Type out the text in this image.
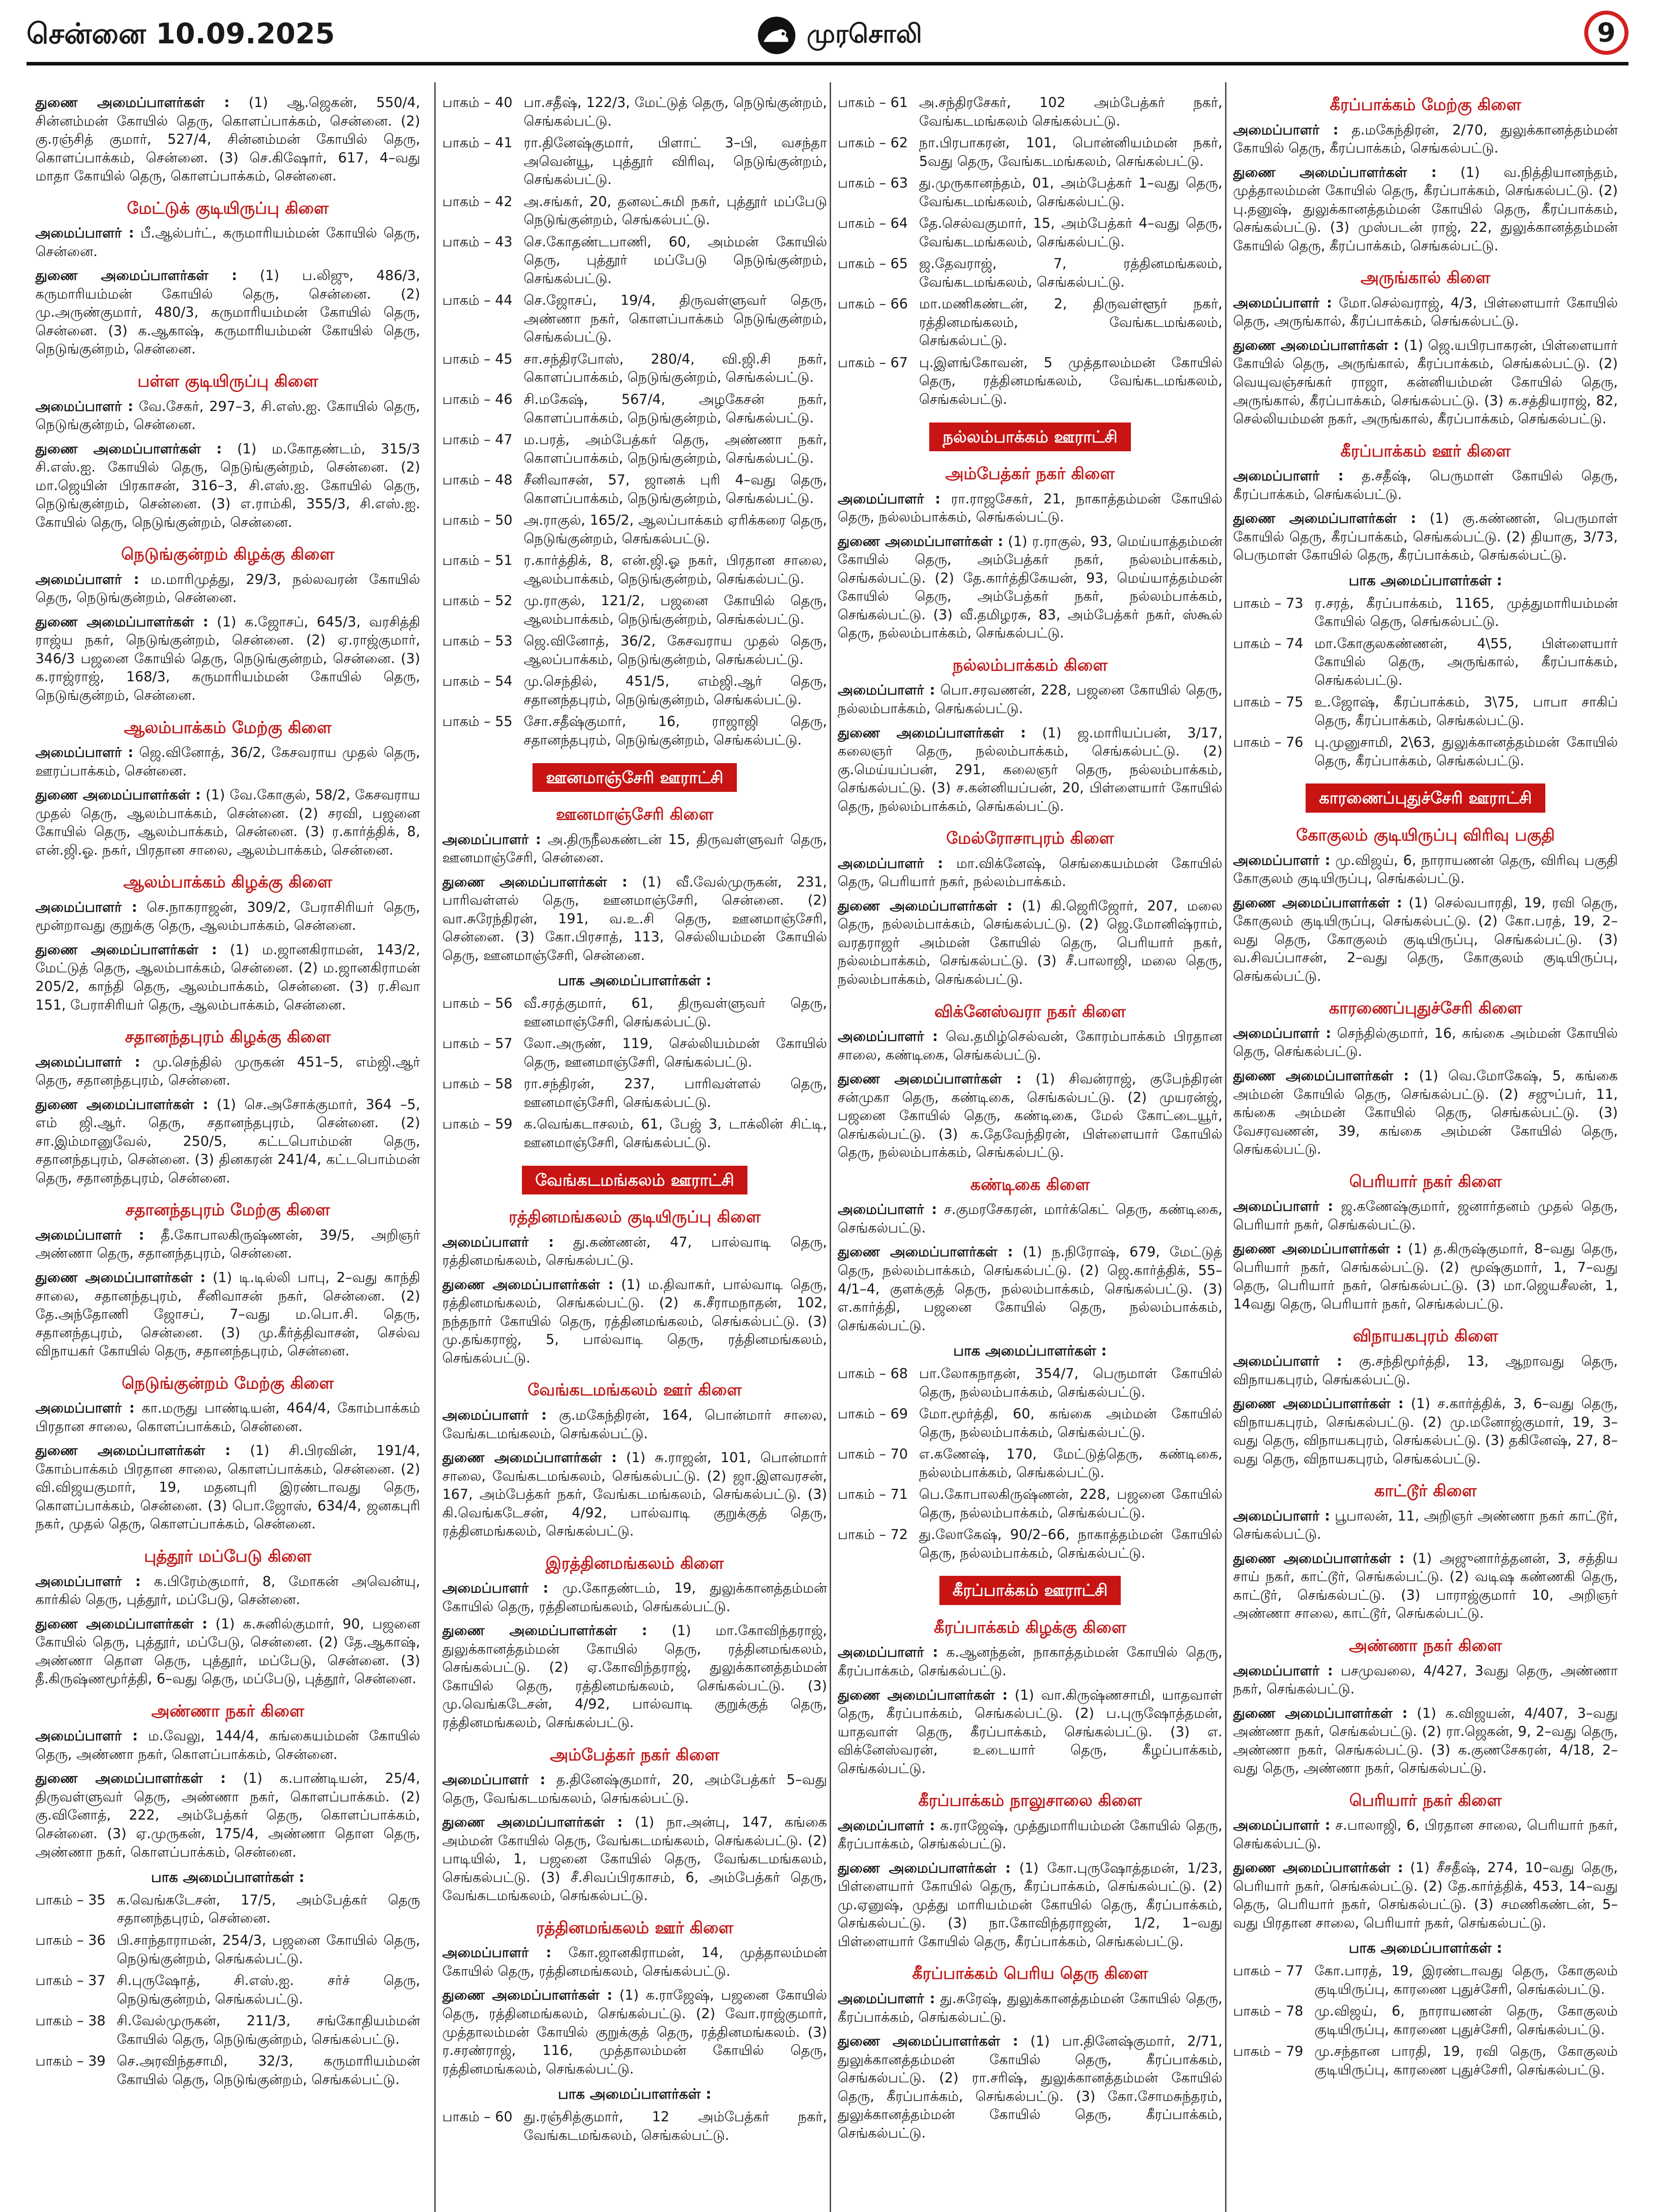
சென்னை 10.09.2025	முரசொலி	9

துணை அமைப்பாளர்கள் : (1) ஆ.ஜெகன், 550/4, சின்னம்மன் கோயில் தெரு, கொளப்பாக்கம், சென்னை. (2) கு.ரஞ்சித் குமார், 527/4, சின்னம்மன் கோயில் தெரு, கொளப்பாக்கம், சென்னை. (3) செ.கிஷோர், 617, 4–வது மாதா கோயில் தெரு, கொளப்பாக்கம், சென்னை.

மேட்டுக் குடியிருப்பு கிளை

அமைப்பாளர் : பீ.ஆல்பர்ட், கருமாரியம்மன் கோயில் தெரு, சென்னை.

துணை அமைப்பாளர்கள் : (1) ப.லிஜு, 486/3, கருமாரியம்மன் கோயில் தெரு, சென்னை. (2) மு.அருண்குமார், 480/3, கருமாரியம்மன் கோயில் தெரு, சென்னை. (3) க.ஆகாஷ், கருமாரியம்மன் கோயில் தெரு, நெடுங்குன்றம், சென்னை.

பள்ள குடியிருப்பு கிளை

அமைப்பாளர் : வே.சேகர், 297–3, சி.எஸ்.ஐ. கோயில் தெரு, நெடுங்குன்றம், சென்னை.

துணை அமைப்பாளர்கள் : (1) ம.கோதண்டம், 315/3 சி.எஸ்.ஐ. கோயில் தெரு, நெடுங்குன்றம், சென்னை. (2) மா.ஜெயின் பிரகாசன், 316–3, சி.எஸ்.ஐ. கோயில் தெரு, நெடுங்குன்றம், சென்னை. (3) எ.ராம்கி, 355/3, சி.எஸ்.ஐ. கோயில் தெரு, நெடுங்குன்றம், சென்னை.

நெடுங்குன்றம் கிழக்கு கிளை

அமைப்பாளர் : ம.மாரிமுத்து, 29/3, நல்லவரன் கோயில் தெரு, நெடுங்குன்றம், சென்னை.

துணை அமைப்பாளர்கள் : (1) க.ஜோசப், 645/3, வரசித்தி ராஜ்ய நகர், நெடுங்குன்றம், சென்னை. (2) ஏ.ராஜ்குமார், 346/3 பஜனை கோயில் தெரு, நெடுங்குன்றம், சென்னை. (3) க.ராஜ்ராஜ், 168/3, கருமாரியம்மன் கோயில் தெரு, நெடுங்குன்றம், சென்னை.

ஆலம்பாக்கம் மேற்கு கிளை

அமைப்பாளர் : ஜெ.வினோத், 36/2, கேசவராய முதல் தெரு, ஊரப்பாக்கம், சென்னை.

துணை அமைப்பாளர்கள் : (1) வே.கோகுல், 58/2, கேசவராய முதல் தெரு, ஆலம்பாக்கம், சென்னை. (2) சரவி, பஜனை கோயில் தெரு, ஆலம்பாக்கம், சென்னை. (3) ர.கார்த்திக், 8, என்.ஜி.ஓ. நகர், பிரதான சாலை, ஆலம்பாக்கம், சென்னை.

ஆலம்பாக்கம் கிழக்கு கிளை

அமைப்பாளர் : செ.நாகராஜன், 309/2, பேராசிரியர் தெரு, மூன்றாவது குறுக்கு தெரு, ஆலம்பாக்கம், சென்னை.

துணை அமைப்பாளர்கள் : (1) ம.ஜானகிராமன், 143/2, மேட்டுத் தெரு, ஆலம்பாக்கம், சென்னை. (2) ம.ஜானகிராமன் 205/2, காந்தி தெரு, ஆலம்பாக்கம், சென்னை. (3) ர.சிவா 151, பேராசிரியர் தெரு, ஆலம்பாக்கம், சென்னை.

சதானந்தபுரம் கிழக்கு கிளை

அமைப்பாளர் : மு.செந்தில் முருகன் 451–5, எம்ஜி.ஆர் தெரு, சதானந்தபுரம், சென்னை.

துணை அமைப்பாளர்கள் : (1) செ.அசோக்குமார், 364 –5, எம் ஜி.ஆர். தெரு, சதானந்தபுரம், சென்னை. (2) சா.இம்மானுவேல், 250/5, கட்டபொம்மன் தெரு, சதானந்தபுரம், சென்னை. (3) தினகரன் 241/4, கட்டபொம்மன் தெரு, சதானந்தபுரம், சென்னை.

சதானந்தபுரம் மேற்கு கிளை

அமைப்பாளர் : தீ.கோபாலகிருஷ்ணன், 39/5, அறிஞர் அண்ணா தெரு, சதானந்தபுரம், சென்னை.

துணை அமைப்பாளர்கள் : (1) டி.டில்லி பாபு, 2–வது காந்தி சாலை, சதானந்தபுரம், சீனிவாசன் நகர், சென்னை. (2) தே.அந்தோணி ஜோசப், 7–வது ம.பொ.சி. தெரு, சதானந்தபுரம், சென்னை. (3) மு.கீர்த்திவாசன், செல்வ விநாயகர் கோயில் தெரு, சதானந்தபுரம், சென்னை.

நெடுங்குன்றம் மேற்கு கிளை

அமைப்பாளர் : கா.மருது பாண்டியன், 464/4, கோம்பாக்கம் பிரதான சாலை, கொளப்பாக்கம், சென்னை.

துணை அமைப்பாளர்கள் : (1) சி.பிரவின், 191/4, கோம்பாக்கம் பிரதான சாலை, கொளப்பாக்கம், சென்னை. (2) வி.விஜயகுமார், 19, மதனபுரி இரண்டாவது தெரு, கொளப்பாக்கம், சென்னை. (3) பொ.ஜோஸ், 634/4, ஜனகபுரி நகர், முதல் தெரு, கொளப்பாக்கம், சென்னை.

புத்தூர் மப்பேடு கிளை

அமைப்பாளர் : க.பிரேம்குமார், 8, மோகன் அவென்யு, கார்கில் தெரு, புத்தூர், மப்பேடு, சென்னை.

துணை அமைப்பாளர்கள் : (1) க.சுனில்குமார், 90, பஜனை கோயில் தெரு, புத்தூர், மப்பேடு, சென்னை. (2) தே.ஆகாஷ், அண்ணா தொள தெரு, புத்தூர், மப்பேடு, சென்னை. (3) தீ.கிருஷ்ணமூர்த்தி, 6–வது தெரு, மப்பேடு, புத்தூர், சென்னை.

அண்ணா நகர் கிளை

அமைப்பாளர் : ம.வேலு, 144/4, கங்கையம்மன் கோயில் தெரு, அண்ணா நகர், கொளப்பாக்கம், சென்னை.

துணை அமைப்பாளர்கள் : (1) க.பாண்டியன், 25/4, திருவள்ளுவர் தெரு, அண்ணா நகர், கொளப்பாக்கம். (2) கு.வினோத், 222, அம்பேத்கர் தெரு, கொளப்பாக்கம், சென்னை. (3) ஏ.முருகன், 175/4, அண்ணா தொள தெரு, அண்ணா நகர், கொளப்பாக்கம், சென்னை.

பாக அமைப்பாளர்கள் :
பாகம் – 35 க.வெங்கடேசன், 17/5, அம்பேத்கர் தெரு சதானந்தபுரம், சென்னை.
பாகம் – 36 பி.சாந்தாராமன், 254/3, பஜனை கோயில் தெரு, நெடுங்குன்றம், செங்கல்பட்டு.
பாகம் – 37 சி.புருஷோத், சி.எஸ்.ஐ. சர்ச் தெரு, நெடுங்குன்றம், செங்கல்பட்டு.
பாகம் – 38 சி.வேல்முருகன், 211/3, சங்கோதியம்மன் கோயில் தெரு, நெடுங்குன்றம், செங்கல்பட்டு.
பாகம் – 39 செ.அரவிந்தசாமி, 32/3, கருமாரியம்மன் கோயில் தெரு, நெடுங்குன்றம், செங்கல்பட்டு.
பாகம் – 40 பா.சதீஷ், 122/3, மேட்டுத் தெரு, நெடுங்குன்றம், செங்கல்பட்டு.
பாகம் – 41 ரா.தினேஷ்குமார், பிளாட் 3–பி, வசந்தா அவென்யூ, புத்தூர் விரிவு, நெடுங்குன்றம், செங்கல்பட்டு.
பாகம் – 42 அ.சங்கர், 20, தனலட்சுமி நகர், புத்தூர் மப்பேடு நெடுங்குன்றம், செங்கல்பட்டு.
பாகம் – 43 செ.கோதண்டபாணி, 60, அம்மன் கோயில் தெரு, புத்தூர் மப்பேடு நெடுங்குன்றம், செங்கல்பட்டு.
பாகம் – 44 செ.ஜோசப், 19/4, திருவள்ளுவர் தெரு, அண்ணா நகர், கொளப்பாக்கம் நெடுங்குன்றம், செங்கல்பட்டு.
பாகம் – 45 சா.சந்திரபோஸ், 280/4, வி.ஜி.சி நகர், கொளப்பாக்கம், நெடுங்குன்றம், செங்கல்பட்டு.
பாகம் – 46 சி.மகேஷ், 567/4, அழகேசன் நகர், கொளப்பாக்கம், நெடுங்குன்றம், செங்கல்பட்டு.
பாகம் – 47 ம.பரத், அம்பேத்கர் தெரு, அண்ணா நகர், கொளப்பாக்கம், நெடுங்குன்றம், செங்கல்பட்டு.
பாகம் – 48 சீனிவாசன், 57, ஜானக் புரி 4–வது தெரு, கொளப்பாக்கம், நெடுங்குன்றம், செங்கல்பட்டு.
பாகம் – 50 அ.ராகுல், 165/2, ஆலப்பாக்கம் ஏரிக்கரை தெரு, நெடுங்குன்றம், செங்கல்பட்டு.
பாகம் – 51 ர.கார்த்திக், 8, என்.ஜி.ஓ நகர், பிரதான சாலை, ஆலம்பாக்கம், நெடுங்குன்றம், செங்கல்பட்டு.
பாகம் – 52 மு.ராகுல், 121/2, பஜனை கோயில் தெரு, ஆலம்பாக்கம், நெடுங்குன்றம், செங்கல்பட்டு.
பாகம் – 53 ஜெ.வினோத், 36/2, கேசவராய முதல் தெரு, ஆலப்பாக்கம், நெடுங்குன்றம், செங்கல்பட்டு.
பாகம் – 54 மு.செந்தில், 451/5, எம்ஜி.ஆர் தெரு, சதானந்தபுரம், நெடுங்குன்றம், செங்கல்பட்டு.
பாகம் – 55 சோ.சதீஷ்குமார், 16, ராஜாஜி தெரு, சதானந்தபுரம், நெடுங்குன்றம், செங்கல்பட்டு.
ஊனமாஞ்சேரி ஊராட்சி
ஊனமாஞ்சேரி கிளை

அமைப்பாளர் : அ.திருநீலகண்டன் 15, திருவள்ளுவர் தெரு, ஊனமாஞ்சேரி, சென்னை.

துணை அமைப்பாளர்கள் : (1) வீ.வேல்முருகன், 231, பாரிவள்ளல் தெரு, ஊனமாஞ்சேரி, சென்னை. (2) வா.சுரேந்திரன், 191, வ.உ.சி தெரு, ஊனமாஞ்சேரி, சென்னை. (3) கோ.பிரசாத், 113, செல்லியம்மன் கோயில் தெரு, ஊனமாஞ்சேரி, சென்னை.

பாக அமைப்பாளர்கள் :
பாகம் – 56 வீ.சரத்குமார், 61, திருவள்ளுவர் தெரு, ஊனமாஞ்சேரி, செங்கல்பட்டு.
பாகம் – 57 லோ.அருண், 119, செல்லியம்மன் கோயில் தெரு, ஊனமாஞ்சேரி, செங்கல்பட்டு.
பாகம் – 58 ரா.சந்திரன், 237, பாரிவள்ளல் தெரு, ஊனமாஞ்சேரி, செங்கல்பட்டு.
பாகம் – 59 க.வெங்கடாசலம், 61, பேஜ் 3, டாக்லின் சிட்டி, ஊனமாஞ்சேரி, செங்கல்பட்டு.
வேங்கடமங்கலம் ஊராட்சி
ரத்தினமங்கலம் குடியிருப்பு கிளை

அமைப்பாளர் : து.கண்ணன், 47, பால்வாடி தெரு, ரத்தினமங்கலம், செங்கல்பட்டு.

துணை அமைப்பாளர்கள் : (1) ம.திவாகர், பால்வாடி தெரு, ரத்தினமங்கலம், செங்கல்பட்டு. (2) க.சீராமநாதன், 102, நந்தநார் கோயில் தெரு, ரத்தினமங்கலம், செங்கல்பட்டு. (3) மு.தங்கராஜ், 5, பால்வாடி தெரு, ரத்தினமங்கலம், செங்கல்பட்டு.

வேங்கடமங்கலம் ஊர் கிளை

அமைப்பாளர் : கு.மகேந்திரன், 164, பொன்மார் சாலை, வேங்கடமங்கலம், செங்கல்பட்டு.

துணை அமைப்பாளர்கள் : (1) சு.ராஜன், 101, பொன்மார் சாலை, வேங்கடமங்கலம், செங்கல்பட்டு. (2) ஜா.இளவரசன், 167, அம்பேத்கர் நகர், வேங்கடமங்கலம், செங்கல்பட்டு. (3) கி.வெங்கடேசன், 4/92, பால்வாடி குறுக்குத் தெரு, ரத்தினமங்கலம், செங்கல்பட்டு.

இரத்தினமங்கலம் கிளை

அமைப்பாளர் : மு.கோதண்டம், 19, துலுக்கானத்தம்மன் கோயில் தெரு, ரத்தினமங்கலம், செங்கல்பட்டு.

துணை அமைப்பாளர்கள் : (1) மா.கோவிந்தராஜ், துலுக்கானத்தம்மன் கோயில் தெரு, ரத்தினமங்கலம், செங்கல்பட்டு. (2) ஏ.கோவிந்தராஜ், துலுக்கானத்தம்மன் கோயில் தெரு, ரத்தினமங்கலம், செங்கல்பட்டு. (3) மு.வெங்கடேசன், 4/92, பால்வாடி குறுக்குத் தெரு, ரத்தினமங்கலம், செங்கல்பட்டு.

அம்பேத்கர் நகர் கிளை

அமைப்பாளர் : த.தினேஷ்குமார், 20, அம்பேத்கர் 5–வது தெரு, வேங்கடமங்கலம், செங்கல்பட்டு.

துணை அமைப்பாளர்கள் : (1) நா.அன்பு, 147, கங்கை அம்மன் கோயில் தெரு, வேங்கடமங்கலம், செங்கல்பட்டு. (2) பாடியில், 1, பஜனை கோயில் தெரு, வேங்கடமங்கலம், செங்கல்பட்டு. (3) சீ.சிவப்பிரகாசம், 6, அம்பேத்கர் தெரு, வேங்கடமங்கலம், செங்கல்பட்டு.

ரத்தினமங்கலம் ஊர் கிளை

அமைப்பாளர் : கோ.ஜானகிராமன், 14, முத்தாலம்மன் கோயில் தெரு, ரத்தினமங்கலம், செங்கல்பட்டு.

துணை அமைப்பாளர்கள் : (1) க.ராஜேஷ், பஜனை கோயில் தெரு, ரத்தினமங்கலம், செங்கல்பட்டு. (2) வோ.ராஜ்குமார், முத்தாலம்மன் கோயில் குறுக்குத் தெரு, ரத்தினமங்கலம். (3) ர.சரண்ராஜ், 116, முத்தாலம்மன் கோயில் தெரு, ரத்தினமங்கலம், செங்கல்பட்டு.

பாக அமைப்பாளர்கள் :
பாகம் – 60 து.ரஞ்சித்குமார், 12 அம்பேத்கர் நகர், வேங்கடமங்கலம், செங்கல்பட்டு.
பாகம் – 61 அ.சந்திரசேகர், 102 அம்பேத்கர் நகர், வேங்கடமங்கலம் செங்கல்பட்டு.
பாகம் – 62 நா.பிரபாகரன், 101, பொன்னியம்மன் நகர், 5வது தெரு, வேங்கடமங்கலம், செங்கல்பட்டு.
பாகம் – 63 து.முருகானந்தம், 01, அம்பேத்கர் 1–வது தெரு, வேங்கடமங்கலம், செங்கல்பட்டு.
பாகம் – 64 தே.செல்வகுமார், 15, அம்பேத்கர் 4–வது தெரு, வேங்கடமங்கலம், செங்கல்பட்டு.
பாகம் – 65 ஜ.தேவராஜ், 7, ரத்தினமங்கலம், வேங்கடமங்கலம், செங்கல்பட்டு.
பாகம் – 66 மா.மணிகண்டன், 2, திருவள்ளூர் நகர், ரத்தினமங்கலம், வேங்கடமங்கலம், செங்கல்பட்டு.
பாகம் – 67 பு.இளங்கோவன், 5 முத்தாலம்மன் கோயில் தெரு, ரத்தினமங்கலம், வேங்கடமங்கலம், செங்கல்பட்டு.
நல்லம்பாக்கம் ஊராட்சி
அம்பேத்கர் நகர் கிளை

அமைப்பாளர் : ரா.ராஜசேகர், 21, நாகாத்தம்மன் கோயில் தெரு, நல்லம்பாக்கம், செங்கல்பட்டு.

துணை அமைப்பாளர்கள் : (1) ர.ராகுல், 93, மெய்யாத்தம்மன் கோயில் தெரு, அம்பேத்கர் நகர், நல்லம்பாக்கம், செங்கல்பட்டு. (2) தே.கார்த்திகேயன், 93, மெய்யாத்தம்மன் கோயில் தெரு, அம்பேத்கர் நகர், நல்லம்பாக்கம், செங்கல்பட்டு. (3) வீ.தமிழரசு, 83, அம்பேத்கர் நகர், ஸ்கூல் தெரு, நல்லம்பாக்கம், செங்கல்பட்டு.

நல்லம்பாக்கம் கிளை

அமைப்பாளர் : பொ.சரவணன், 228, பஜனை கோயில் தெரு, நல்லம்பாக்கம், செங்கல்பட்டு.

துணை அமைப்பாளர்கள் : (1) ஜ.மாரியப்பன், 3/17, கலைஞர் தெரு, நல்லம்பாக்கம், செங்கல்பட்டு. (2) கு.மெய்யப்பன், 291, கலைஞர் தெரு, நல்லம்பாக்கம், செங்கல்பட்டு. (3) ச.கன்னியப்பன், 20, பிள்ளையார் கோயில் தெரு, நல்லம்பாக்கம், செங்கல்பட்டு.

மேல்ரோசாபுரம் கிளை

அமைப்பாளர் : மா.விக்னேஷ், செங்கையம்மன் கோயில் தெரு, பெரியார் நகர், நல்லம்பாக்கம்.

துணை அமைப்பாளர்கள் : (1) கி.ஜெரிஜோர், 207, மலை தெரு, நல்லம்பாக்கம், செங்கல்பட்டு. (2) ஜெ.மோனிஷ்ராம், வரதராஜர் அம்மன் கோயில் தெரு, பெரியார் நகர், நல்லம்பாக்கம், செங்கல்பட்டு. (3) சீ.பாலாஜி, மலை தெரு, நல்லம்பாக்கம், செங்கல்பட்டு.

விக்னேஸ்வரா நகர் கிளை

அமைப்பாளர் : வெ.தமிழ்செல்வன், கோரம்பாக்கம் பிரதான சாலை, கண்டிகை, செங்கல்பட்டு.

துணை அமைப்பாளர்கள் : (1) சிவன்ராஜ், குபேந்திரன் சன்முகா தெரு, கண்டிகை, செங்கல்பட்டு. (2) முயரன்ஜ், பஜனை கோயில் தெரு, கண்டிகை, மேல் கோட்டையூர், செங்கல்பட்டு. (3) க.தேவேந்திரன், பிள்ளையார் கோயில் தெரு, நல்லம்பாக்கம், செங்கல்பட்டு.

கண்டிகை கிளை

அமைப்பாளர் : ச.குமரசேகரன், மார்க்கெட் தெரு, கண்டிகை, செங்கல்பட்டு.

துணை அமைப்பாளர்கள் : (1) ந.நிரோஷ், 679, மேட்டுத் தெரு, நல்லம்பாக்கம், செங்கல்பட்டு. (2) ஜெ.கார்த்திக், 55–4/1–4, குளக்குத் தெரு, நல்லம்பாக்கம், செங்கல்பட்டு. (3) எ.கார்த்தி, பஜனை கோயில் தெரு, நல்லம்பாக்கம், செங்கல்பட்டு.

பாக அமைப்பாளர்கள் :
பாகம் – 68 பா.லோகநாதன், 354/7, பெருமாள் கோயில் தெரு, நல்லம்பாக்கம், செங்கல்பட்டு.
பாகம் – 69 மோ.மூர்த்தி, 60, கங்கை அம்மன் கோயில் தெரு, நல்லம்பாக்கம், செங்கல்பட்டு.
பாகம் – 70 எ.கணேஷ், 170, மேட்டுத்தெரு, கண்டிகை, நல்லம்பாக்கம், செங்கல்பட்டு.
பாகம் – 71 பெ.கோபாலகிருஷ்ணன், 228, பஜனை கோயில் தெரு, நல்லம்பாக்கம், செங்கல்பட்டு.
பாகம் – 72 து.லோகேஷ், 90/2–66, நாகாத்தம்மன் கோயில் தெரு, நல்லம்பாக்கம், செங்கல்பட்டு.
கீரப்பாக்கம் ஊராட்சி
கீரப்பாக்கம் கிழக்கு கிளை

அமைப்பாளர் : க.ஆனந்தன், நாகாத்தம்மன் கோயில் தெரு, கீரப்பாக்கம், செங்கல்பட்டு.

துணை அமைப்பாளர்கள் : (1) வா.கிருஷ்ணசாமி, யாதவாள் தெரு, கீரப்பாக்கம், செங்கல்பட்டு. (2) ப.புருஷோத்தமன், யாதவாள் தெரு, கீரப்பாக்கம், செங்கல்பட்டு. (3) எ. விக்னேஸ்வரன், உடையார் தெரு, கீழப்பாக்கம், செங்கல்பட்டு.

கீரப்பாக்கம் நாலுசாலை கிளை

அமைப்பாளர் : க.ராஜேஷ், முத்துமாரியம்மன் கோயில் தெரு, கீரப்பாக்கம், செங்கல்பட்டு.

துணை அமைப்பாளர்கள் : (1) கோ.புருஷோத்தமன், 1/23, பிள்ளையார் கோயில் தெரு, கீரப்பாக்கம், செங்கல்பட்டு. (2) மு.ஏனுஷ், முத்து மாரியம்மன் கோயில் தெரு, கீரப்பாக்கம், செங்கல்பட்டு. (3) நா.கோவிந்தராஜன், 1/2, 1–வது பிள்ளையார் கோயில் தெரு, கீரப்பாக்கம், செங்கல்பட்டு.

கீரப்பாக்கம் பெரிய தெரு கிளை

அமைப்பாளர் : து.சுரேஷ், துலுக்கானத்தம்மன் கோயில் தெரு, கீரப்பாக்கம், செங்கல்பட்டு.

துணை அமைப்பாளர்கள் : (1) பா.தினேஷ்குமார், 2/71, துலுக்கானத்தம்மன் கோயில் தெரு, கீரப்பாக்கம், செங்கல்பட்டு. (2) ரா.சரிஷ், துலுக்கானத்தம்மன் கோயில் தெரு, கீரப்பாக்கம், செங்கல்பட்டு. (3) கோ.சோமசுந்தரம், துலுக்கானத்தம்மன் கோயில் தெரு, கீரப்பாக்கம், செங்கல்பட்டு.

கீரப்பாக்கம் மேற்கு கிளை

அமைப்பாளர் : த.மகேந்திரன், 2/70, துலுக்கானத்தம்மன் கோயில் தெரு, கீரப்பாக்கம், செங்கல்பட்டு.

துணை அமைப்பாளர்கள் : (1) வ.நித்தியானந்தம், முத்தாலம்மன் கோயில் தெரு, கீரப்பாக்கம், செங்கல்பட்டு. (2) பு.தனுஷ், துலுக்கானத்தம்மன் கோயில் தெரு, கீரப்பாக்கம், செங்கல்பட்டு. (3) முஸ்படன் ராஜ், 22, துலுக்கானத்தம்மன் கோயில் தெரு, கீரப்பாக்கம், செங்கல்பட்டு.

அருங்கால் கிளை

அமைப்பாளர் : மோ.செல்வராஜ், 4/3, பிள்ளையார் கோயில் தெரு, அருங்கால், கீரப்பாக்கம், செங்கல்பட்டு.

துணை அமைப்பாளர்கள் : (1) ஜெ.யபிரபாகரன், பிள்ளையார் கோயில் தெரு, அருங்கால், கீரப்பாக்கம், செங்கல்பட்டு. (2) வெயுவஞ்சங்கர் ராஜா, கன்னியம்மன் கோயில் தெரு, அருங்கால், கீரப்பாக்கம், செங்கல்பட்டு. (3) க.சத்தியராஜ், 82, செல்லியம்மன் நகர், அருங்கால், கீரப்பாக்கம், செங்கல்பட்டு.

கீரப்பாக்கம் ஊர் கிளை

அமைப்பாளர் : த.சதீஷ், பெருமாள் கோயில் தெரு, கீரப்பாக்கம், செங்கல்பட்டு.

துணை அமைப்பாளர்கள் : (1) கு.கண்ணன், பெருமாள் கோயில் தெரு, கீரப்பாக்கம், செங்கல்பட்டு. (2) தியாகு, 3/73, பெருமாள் கோயில் தெரு, கீரப்பாக்கம், செங்கல்பட்டு.

பாக அமைப்பாளர்கள் :
பாகம் – 73 ர.சரத், கீரப்பாக்கம், 1165, முத்துமாரியம்மன் கோயில் தெரு, செங்கல்பட்டு.
பாகம் – 74 மா.கோகுலகண்ணன், 4\55, பிள்ளையார் கோயில் தெரு, அருங்கால், கீரப்பாக்கம், செங்கல்பட்டு.
பாகம் – 75 உ.ஜோஷ், கீரப்பாக்கம், 3\75, பாபா சாகிப் தெரு, கீரப்பாக்கம், செங்கல்பட்டு.
பாகம் – 76 பு.முனுசாமி, 2\63, துலுக்கானத்தம்மன் கோயில் தெரு, கீரப்பாக்கம், செங்கல்பட்டு.
காரணைப்புதுச்சேரி ஊராட்சி
கோகுலம் குடியிருப்பு விரிவு பகுதி

அமைப்பாளர் : மு.விஜய், 6, நாராயணன் தெரு, விரிவு பகுதி கோகுலம் குடியிருப்பு, செங்கல்பட்டு.

துணை அமைப்பாளர்கள் : (1) செல்வபாரதி, 19, ரவி தெரு, கோகுலம் குடியிருப்பு, செங்கல்பட்டு. (2) கோ.பரத், 19, 2–வது தெரு, கோகுலம் குடியிருப்பு, செங்கல்பட்டு. (3) வ.சிவப்பாசன், 2–வது தெரு, கோகுலம் குடியிருப்பு, செங்கல்பட்டு.

காரணைப்புதுச்சேரி கிளை

அமைப்பாளர் : செந்தில்குமார், 16, கங்கை அம்மன் கோயில் தெரு, செங்கல்பட்டு.

துணை அமைப்பாளர்கள் : (1) வெ.மோகேஷ், 5, கங்கை அம்மன் கோயில் தெரு, செங்கல்பட்டு. (2) சஜுப்பர், 11, கங்கை அம்மன் கோயில் தெரு, செங்கல்பட்டு. (3) வேசரவணன், 39, கங்கை அம்மன் கோயில் தெரு, செங்கல்பட்டு.

பெரியார் நகர் கிளை

அமைப்பாளர் : ஜ.கணேஷ்குமார், ஜனார்தனம் முதல் தெரு, பெரியார் நகர், செங்கல்பட்டு.

துணை அமைப்பாளர்கள் : (1) த.கிருஷ்குமார், 8–வது தெரு, பெரியார் நகர், செங்கல்பட்டு. (2) மூஷ்குமார், 1, 7–வது தெரு, பெரியார் நகர், செங்கல்பட்டு. (3) மா.ஜெயசீலன், 1, 14வது தெரு, பெரியார் நகர், செங்கல்பட்டு.

விநாயகபுரம் கிளை

அமைப்பாளர் : கு.சந்திமூர்த்தி, 13, ஆறாவது தெரு, விநாயகபுரம், செங்கல்பட்டு.

துணை அமைப்பாளர்கள் : (1) ச.கார்த்திக், 3, 6–வது தெரு, விநாயகபுரம், செங்கல்பட்டு. (2) மு.மனோஜ்குமார், 19, 3–வது தெரு, விநாயகபுரம், செங்கல்பட்டு. (3) தகினேஷ், 27, 8–வது தெரு, விநாயகபுரம், செங்கல்பட்டு.

காட்டூர் கிளை

அமைப்பாளர் : பூபாலன், 11, அறிஞர் அண்ணா நகர் காட்டூர், செங்கல்பட்டு.

துணை அமைப்பாளர்கள் : (1) அஜுனார்த்தனன், 3, சத்திய சாய் நகர், காட்டூர், செங்கல்பட்டு. (2) வடிஷ கண்ணகி தெரு, காட்டூர், செங்கல்பட்டு. (3) பாராஜ்குமார் 10, அறிஞர் அண்ணா சாலை, காட்டூர், செங்கல்பட்டு.

அண்ணா நகர் கிளை

அமைப்பாளர் : பசமுவலை, 4/427, 3வது தெரு, அண்ணா நகர், செங்கல்பட்டு.

துணை அமைப்பாளர்கள் : (1) க.விஜயன், 4/407, 3–வது அண்ணா நகர், செங்கல்பட்டு. (2) ரா.ஜெகன், 9, 2–வது தெரு, அண்ணா நகர், செங்கல்பட்டு. (3) க.குணசேகரன், 4/18, 2–வது தெரு, அண்ணா நகர், செங்கல்பட்டு.

பெரியார் நகர் கிளை

அமைப்பாளர் : ச.பாலாஜி, 6, பிரதான சாலை, பெரியார் நகர், செங்கல்பட்டு.

துணை அமைப்பாளர்கள் : (1) சீசதீஷ், 274, 10–வது தெரு, பெரியார் நகர், செங்கல்பட்டு. (2) தே.கார்த்திக், 453, 14–வது தெரு, பெரியார் நகர், செங்கல்பட்டு. (3) சமணிகண்டன், 5–வது பிரதான சாலை, பெரியார் நகர், செங்கல்பட்டு.

பாக அமைப்பாளர்கள் :
பாகம் – 77 கோ.பாரத், 19, இரண்டாவது தெரு, கோகுலம் குடியிருப்பு, காரணை புதுச்சேரி, செங்கல்பட்டு.
பாகம் – 78 மு.விஜய், 6, நாராயணன் தெரு, கோகுலம் குடியிருப்பு, காரணை புதுச்சேரி, செங்கல்பட்டு.
பாகம் – 79 மு.சந்தான பாரதி, 19, ரவி தெரு, கோகுலம் குடியிருப்பு, காரணை புதுச்சேரி, செங்கல்பட்டு.
